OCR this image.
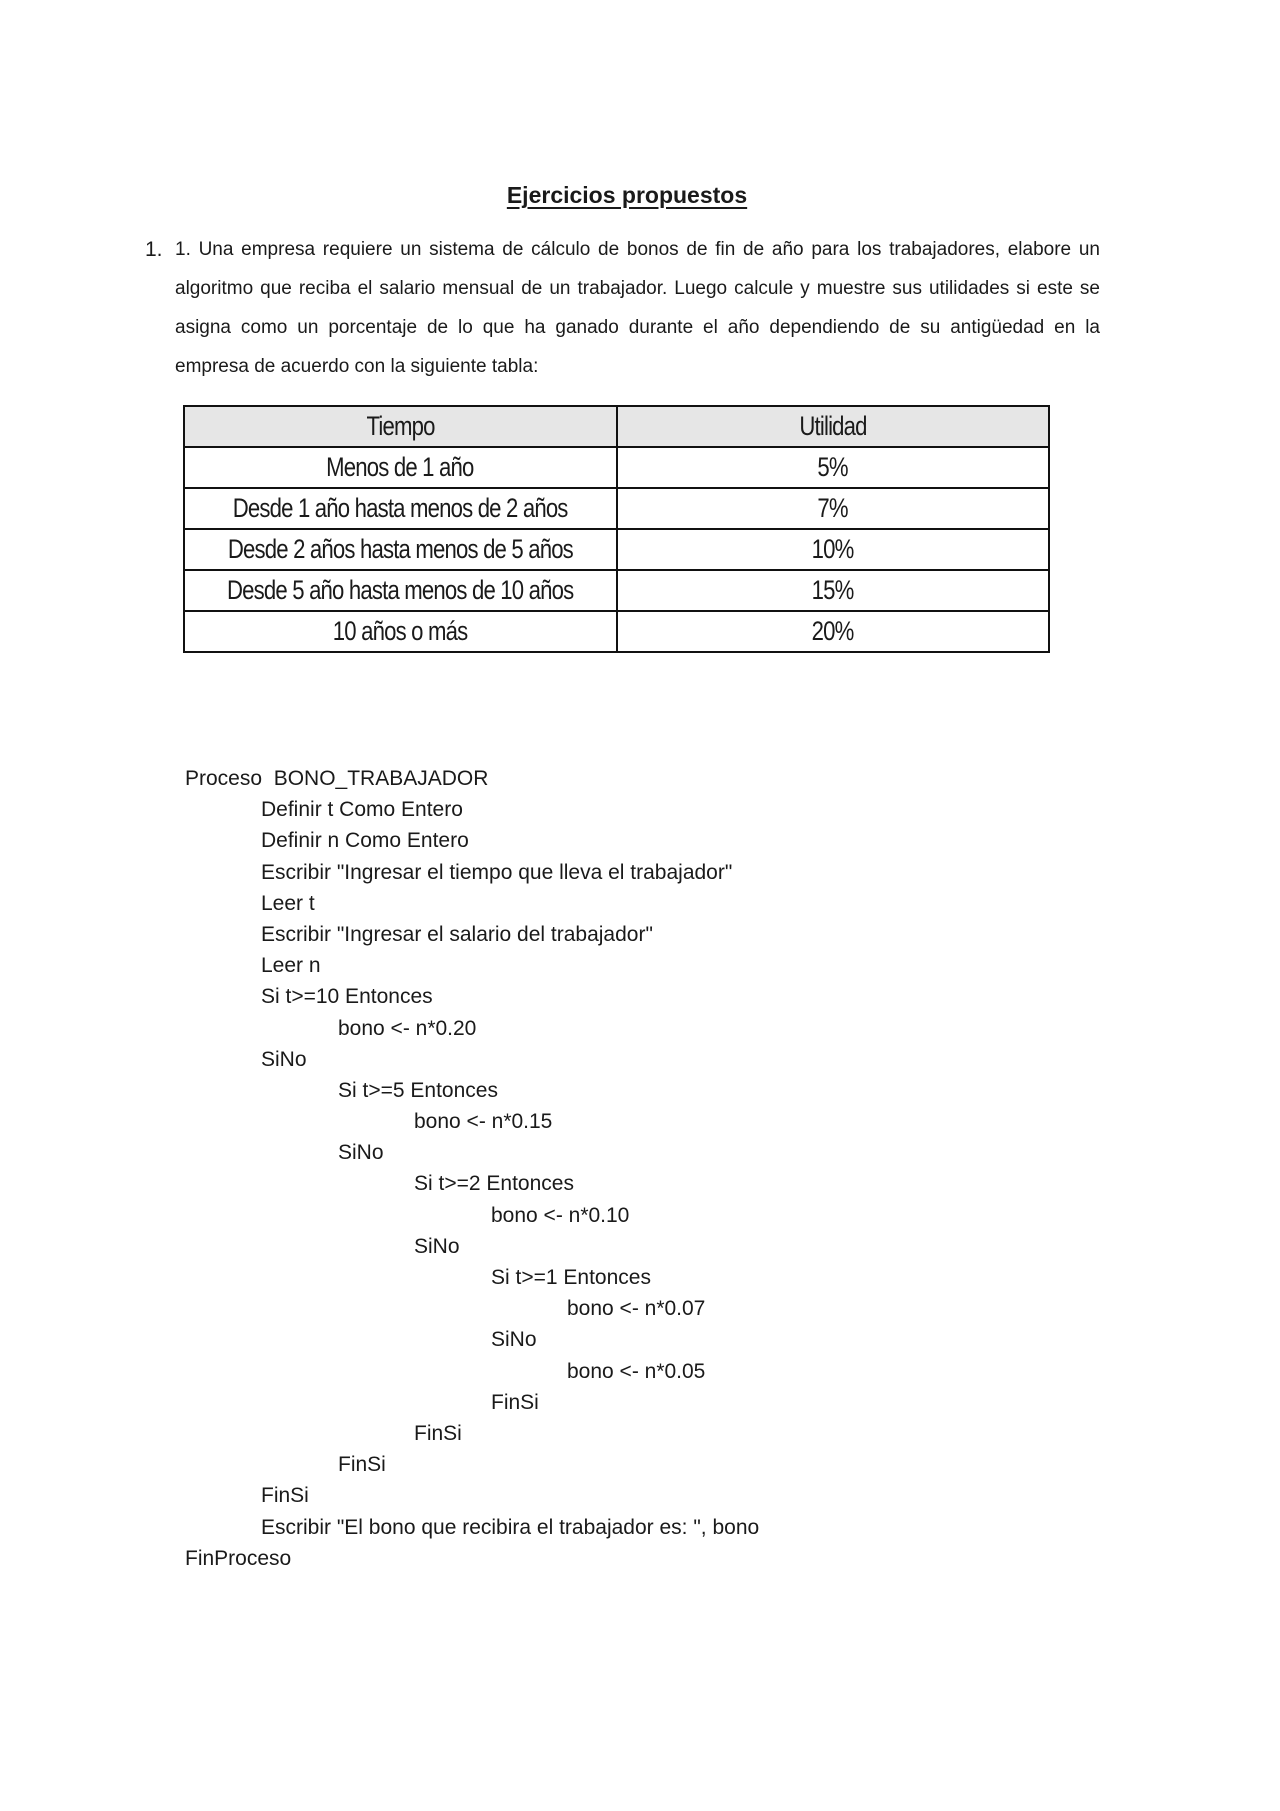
Ejercicios propuestos
1. 1. Una empresa requiere un sistema de cálculo de bonos de fin de año para los trabajadores, elabore un algoritmo que reciba el salario mensual de un trabajador. Luego calcule y muestre sus utilidades si este se asigna como un porcentaje de lo que ha ganado durante el año dependiendo de su antigüedad en la empresa de acuerdo con la siguiente tabla:
Tiempo	Utilidad
Menos de 1 año	5%
Desde 1 año hasta menos de 2 años	7%
Desde 2 años hasta menos de 5 años	10%
Desde 5 año hasta menos de 10 años	15%
10 años o más	20%
Proceso  BONO_TRABAJADOR
Definir t Como Entero
Definir n Como Entero
Escribir "Ingresar el tiempo que lleva el trabajador"
Leer t
Escribir "Ingresar el salario del trabajador"
Leer n
Si t>=10 Entonces
bono <- n*0.20
SiNo
Si t>=5 Entonces
bono <- n*0.15
SiNo
Si t>=2 Entonces
bono <- n*0.10
SiNo
Si t>=1 Entonces
bono <- n*0.07
SiNo
bono <- n*0.05
FinSi
FinSi
FinSi
FinSi
Escribir "El bono que recibira el trabajador es: ", bono
FinProceso
